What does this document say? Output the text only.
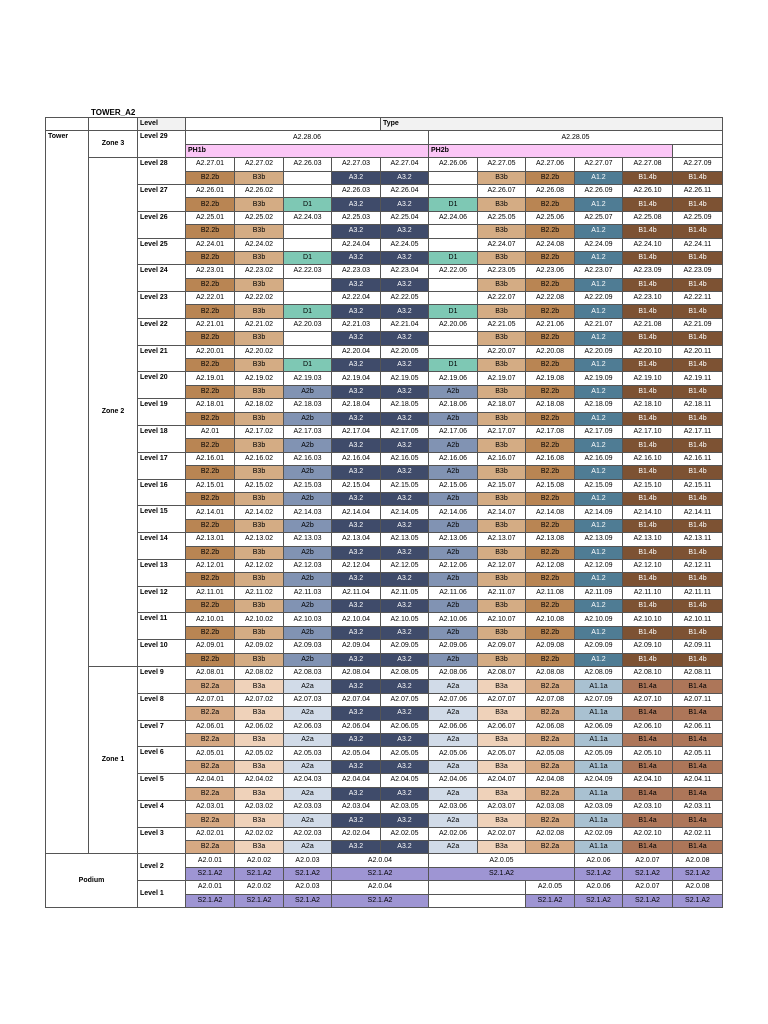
TOWER_A2
		Level					Type						
Tower	Zone 3	Level 29	A2.28.06					A2.28.05					
			PH1b					PH2b					
	Zone 2	Level 28	A2.27.01	A2.27.02	A2.26.03	A2.27.03	A2.27.04	A2.26.06	A2.27.05	A2.27.06	A2.27.07	A2.27.08	A2.27.09
			B2.2b	B3b		A3.2	A3.2		B3b	B2.2b	A1.2	B1.4b	B1.4b
		Level 27	A2.26.01	A2.26.02		A2.26.03	A2.26.04		A2.26.07	A2.26.08	A2.26.09	A2.26.10	A2.26.11
			B2.2b	B3b	D1	A3.2	A3.2	D1	B3b	B2.2b	A1.2	B1.4b	B1.4b
		Level 26	A2.25.01	A2.25.02	A2.24.03	A2.25.03	A2.25.04	A2.24.06	A2.25.05	A2.25.06	A2.25.07	A2.25.08	A2.25.09
			B2.2b	B3b		A3.2	A3.2		B3b	B2.2b	A1.2	B1.4b	B1.4b
		Level 25	A2.24.01	A2.24.02		A2.24.04	A2.24.05		A2.24.07	A2.24.08	A2.24.09	A2.24.10	A2.24.11
			B2.2b	B3b	D1	A3.2	A3.2	D1	B3b	B2.2b	A1.2	B1.4b	B1.4b
		Level 24	A2.23.01	A2.23.02	A2.22.03	A2.23.03	A2.23.04	A2.22.06	A2.23.05	A2.23.06	A2.23.07	A2.23.09	A2.23.09
			B2.2b	B3b		A3.2	A3.2		B3b	B2.2b	A1.2	B1.4b	B1.4b
		Level 23	A2.22.01	A2.22.02		A2.22.04	A2.22.05		A2.22.07	A2.22.08	A2.22.09	A2.23.10	A2.22.11
			B2.2b	B3b	D1	A3.2	A3.2	D1	B3b	B2.2b	A1.2	B1.4b	B1.4b
		Level 22	A2.21.01	A2.21.02	A2.20.03	A2.21.03	A2.21.04	A2.20.06	A2.21.05	A2.21.06	A2.21.07	A2.21.08	A2.21.09
			B2.2b	B3b		A3.2	A3.2		B3b	B2.2b	A1.2	B1.4b	B1.4b
		Level 21	A2.20.01	A2.20.02		A2.20.04	A2.20.05		A2.20.07	A2.20.08	A2.20.09	A2.20.10	A2.20.11
			B2.2b	B3b	D1	A3.2	A3.2	D1	B3b	B2.2b	A1.2	B1.4b	B1.4b
		Level 20	A2.19.01	A2.19.02	A2.19.03	A2.19.04	A2.19.05	A2.19.06	A2.19.07	A2.19.08	A2.19.09	A2.19.10	A2.19.11
			B2.2b	B3b	A2b	A3.2	A3.2	A2b	B3b	B2.2b	A1.2	B1.4b	B1.4b
		Level 19	A2.18.01	A2.18.02	A2.18.03	A2.18.04	A2.18.05	A2.18.06	A2.18.07	A2.18.08	A2.18.09	A2.18.10	A2.18.11
			B2.2b	B3b	A2b	A3.2	A3.2	A2b	B3b	B2.2b	A1.2	B1.4b	B1.4b
		Level 18	A2.01	A2.17.02	A2.17.03	A2.17.04	A2.17.05	A2.17.06	A2.17.07	A2.17.08	A2.17.09	A2.17.10	A2.17.11
			B2.2b	B3b	A2b	A3.2	A3.2	A2b	B3b	B2.2b	A1.2	B1.4b	B1.4b
		Level 17	A2.16.01	A2.16.02	A2.16.03	A2.16.04	A2.16.05	A2.16.06	A2.16.07	A2.16.08	A2.16.09	A2.16.10	A2.16.11
			B2.2b	B3b	A2b	A3.2	A3.2	A2b	B3b	B2.2b	A1.2	B1.4b	B1.4b
		Level 16	A2.15.01	A2.15.02	A2.15.03	A2.15.04	A2.15.05	A2.15.06	A2.15.07	A2.15.08	A2.15.09	A2.15.10	A2.15.11
			B2.2b	B3b	A2b	A3.2	A3.2	A2b	B3b	B2.2b	A1.2	B1.4b	B1.4b
		Level 15	A2.14.01	A2.14.02	A2.14.03	A2.14.04	A2.14.05	A2.14.06	A2.14.07	A2.14.08	A2.14.09	A2.14.10	A2.14.11
			B2.2b	B3b	A2b	A3.2	A3.2	A2b	B3b	B2.2b	A1.2	B1.4b	B1.4b
		Level 14	A2.13.01	A2.13.02	A2.13.03	A2.13.04	A2.13.05	A2.13.06	A2.13.07	A2.13.08	A2.13.09	A2.13.10	A2.13.11
			B2.2b	B3b	A2b	A3.2	A3.2	A2b	B3b	B2.2b	A1.2	B1.4b	B1.4b
		Level 13	A2.12.01	A2.12.02	A2.12.03	A2.12.04	A2.12.05	A2.12.06	A2.12.07	A2.12.08	A2.12.09	A2.12.10	A2.12.11
			B2.2b	B3b	A2b	A3.2	A3.2	A2b	B3b	B2.2b	A1.2	B1.4b	B1.4b
		Level 12	A2.11.01	A2.11.02	A2.11.03	A2.11.04	A2.11.05	A2.11.06	A2.11.07	A2.11.08	A2.11.09	A2.11.10	A2.11.11
			B2.2b	B3b	A2b	A3.2	A3.2	A2b	B3b	B2.2b	A1.2	B1.4b	B1.4b
		Level 11	A2.10.01	A2.10.02	A2.10.03	A2.10.04	A2.10.05	A2.10.06	A2.10.07	A2.10.08	A2.10.09	A2.10.10	A2.10.11
			B2.2b	B3b	A2b	A3.2	A3.2	A2b	B3b	B2.2b	A1.2	B1.4b	B1.4b
		Level 10	A2.09.01	A2.09.02	A2.09.03	A2.09.04	A2.09.05	A2.09.06	A2.09.07	A2.09.08	A2.09.09	A2.09.10	A2.09.11
			B2.2b	B3b	A2b	A3.2	A3.2	A2b	B3b	B2.2b	A1.2	B1.4b	B1.4b
	Zone 1	Level 9	A2.08.01	A2.08.02	A2.08.03	A2.08.04	A2.08.05	A2.08.06	A2.08.07	A2.08.08	A2.08.09	A2.08.10	A2.08.11
			B2.2a	B3a	A2a	A3.2	A3.2	A2a	B3a	B2.2a	A1.1a	B1.4a	B1.4a
		Level 8	A2.07.01	A2.07.02	A2.07.03	A2.07.04	A2.07.05	A2.07.06	A2.07.07	A2.07.08	A2.07.09	A2.07.10	A2.07.11
			B2.2a	B3a	A2a	A3.2	A3.2	A2a	B3a	B2.2a	A1.1a	B1.4a	B1.4a
		Level 7	A2.06.01	A2.06.02	A2.06.03	A2.06.04	A2.06.05	A2.06.06	A2.06.07	A2.06.08	A2.06.09	A2.06.10	A2.06.11
			B2.2a	B3a	A2a	A3.2	A3.2	A2a	B3a	B2.2a	A1.1a	B1.4a	B1.4a
		Level 6	A2.05.01	A2.05.02	A2.05.03	A2.05.04	A2.05.05	A2.05.06	A2.05.07	A2.05.08	A2.05.09	A2.05.10	A2.05.11
			B2.2a	B3a	A2a	A3.2	A3.2	A2a	B3a	B2.2a	A1.1a	B1.4a	B1.4a
		Level 5	A2.04.01	A2.04.02	A2.04.03	A2.04.04	A2.04.05	A2.04.06	A2.04.07	A2.04.08	A2.04.09	A2.04.10	A2.04.11
			B2.2a	B3a	A2a	A3.2	A3.2	A2a	B3a	B2.2a	A1.1a	B1.4a	B1.4a
		Level 4	A2.03.01	A2.03.02	A2.03.03	A2.03.04	A2.03.05	A2.03.06	A2.03.07	A2.03.08	A2.03.09	A2.03.10	A2.03.11
			B2.2a	B3a	A2a	A3.2	A3.2	A2a	B3a	B2.2a	A1.1a	B1.4a	B1.4a
		Level 3	A2.02.01	A2.02.02	A2.02.03	A2.02.04	A2.02.05	A2.02.06	A2.02.07	A2.02.08	A2.02.09	A2.02.10	A2.02.11
			B2.2a	B3a	A2a	A3.2	A3.2	A2a	B3a	B2.2a	A1.1a	B1.4a	B1.4a
Podium		Level 2	A2.0.01	A2.0.02	A2.0.03	A2.0.04		A2.0.05			A2.0.06	A2.0.07	A2.0.08
			S2.1.A2	S2.1.A2	S2.1.A2	S2.1.A2		S2.1.A2			S2.1.A2	S2.1.A2	S2.1.A2
		Level 1	A2.0.01	A2.0.02	A2.0.03	A2.0.04				A2.0.05	A2.0.06	A2.0.07	A2.0.08
			S2.1.A2	S2.1.A2	S2.1.A2	S2.1.A2				S2.1.A2	S2.1.A2	S2.1.A2	S2.1.A2
